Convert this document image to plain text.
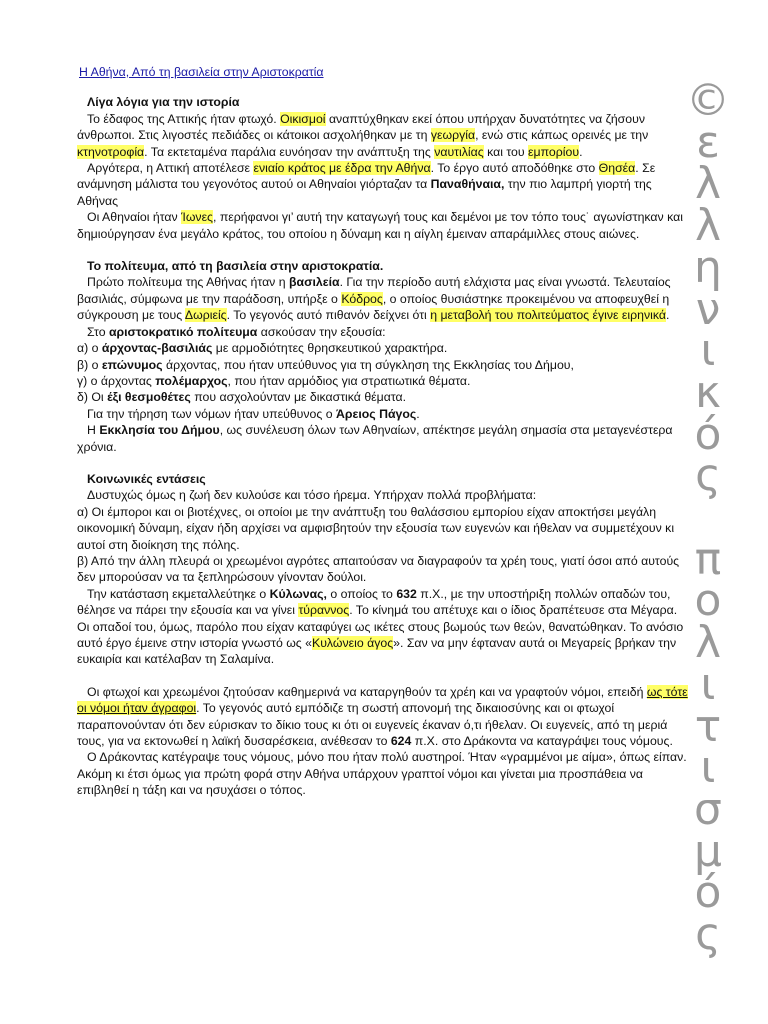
©
ε
λ
λ
η
ν
ι
κ
ό
ς

π
ο
λ
ι
τ
ι
σ
μ
ό
ς

Η Αθήνα, Από τη βασιλεία στην Αριστοκρατία

Λίγα λόγια για την ιστορία

Το έδαφος της Αττικής ήταν φτωχό. Οικισμοί αναπτύχθηκαν εκεί όπου υπήρχαν δυνατότητες να ζήσουν άνθρωποι. Στις λιγοστές πεδιάδες οι κάτοικοι ασχολήθηκαν με τη γεωργία, ενώ στις κάπως ορεινές με την κτηνοτροφία. Τα εκτεταμένα παράλια ευνόησαν την ανάπτυξη της ναυτιλίας και του εμπορίου.

Αργότερα, η Αττική αποτέλεσε ενιαίο κράτος με έδρα την Αθήνα. Το έργο αυτό αποδόθηκε στο Θησέα. Σε ανάμνηση μάλιστα του γεγονότος αυτού οι Αθηναίοι γιόρταζαν τα Παναθήναια, την πιο λαμπρή γιορτή της Αθήνας

Οι Αθηναίοι ήταν Ίωνες, περήφανοι γι’ αυτή την καταγωγή τους και δεμένοι με τον τόπο τους˙ αγωνίστηκαν και δημιούργησαν ένα μεγάλο κράτος, του οποίου η δύναμη και η αίγλη έμειναν απαράμιλλες στους αιώνες.

Το πολίτευμα, από τη βασιλεία στην αριστοκρατία.

Πρώτο πολίτευμα της Αθήνας ήταν η βασιλεία. Για την περίοδο αυτή ελάχιστα μας είναι γνωστά. Τελευταίος βασιλιάς, σύμφωνα με την παράδοση, υπήρξε ο Κόδρος, ο οποίος θυσιάστηκε προκειμένου να αποφευχθεί η σύγκρουση με τους Δωριείς. Το γεγονός αυτό πιθανόν δείχνει ότι η μεταβολή του πολιτεύματος έγινε ειρηνικά.

Στο αριστοκρατικό πολίτευμα ασκούσαν την εξουσία:

α) ο άρχοντας-βασιλιάς με αρμοδιότητες θρησκευτικού χαρακτήρα.

β) ο επώνυμος άρχοντας, που ήταν υπεύθυνος για τη σύγκληση της Εκκλησίας του Δήμου,

γ) ο άρχοντας πολέμαρχος, που ήταν αρμόδιος για στρατιωτικά θέματα.

δ) Οι έξι θεσμοθέτες που ασχολούνταν με δικαστικά θέματα.

Για την τήρηση των νόμων ήταν υπεύθυνος ο Άρειος Πάγος.

Η Εκκλησία του Δήμου, ως συνέλευση όλων των Αθηναίων, απέκτησε μεγάλη σημασία στα μεταγενέστερα χρόνια.

Κοινωνικές εντάσεις

Δυστυχώς όμως η ζωή δεν κυλούσε και τόσο ήρεμα. Υπήρχαν πολλά προβλήματα:

α) Οι έμποροι και οι βιοτέχνες, οι οποίοι με την ανάπτυξη του θαλάσσιου εμπορίου είχαν αποκτήσει μεγάλη οικονομική δύναμη, είχαν ήδη αρχίσει να αμφισβητούν την εξουσία των ευγενών και ήθελαν να συμμετέχουν κι αυτοί στη διοίκηση της πόλης.

β) Από την άλλη πλευρά οι χρεωμένοι αγρότες απαιτούσαν να διαγραφούν τα χρέη τους, γιατί όσοι από αυτούς δεν μπορούσαν να τα ξεπληρώσουν γίνονταν δούλοι.

Την κατάσταση εκμεταλλεύτηκε ο Κύλωνας, ο οποίος το 632 π.Χ., με την υποστήριξη πολλών οπαδών του, θέλησε να πάρει την εξουσία και να γίνει τύραννος. Το κίνημά του απέτυχε και ο ίδιος δραπέτευσε στα Μέγαρα. Οι οπαδοί του, όμως, παρόλο που είχαν καταφύγει ως ικέτες στους βωμούς των θεών, θανατώθηκαν. Το ανόσιο αυτό έργο έμεινε στην ιστορία γνωστό ως «Κυλώνειο άγος». Σαν να μην έφταναν αυτά οι Μεγαρείς βρήκαν την ευκαιρία και κατέλαβαν τη Σαλαμίνα.

Οι φτωχοί και χρεωμένοι ζητούσαν καθημερινά να καταργηθούν τα χρέη και να γραφτούν νόμοι, επειδή ως τότε οι νόμοι ήταν άγραφοι. Το γεγονός αυτό εμπόδιζε τη σωστή απονομή της δικαιοσύνης και οι φτωχοί παραπονούνταν ότι δεν εύρισκαν το δίκιο τους κι ότι οι ευγενείς έκαναν ό,τι ήθελαν. Οι ευγενείς, από τη μεριά τους, για να εκτονωθεί η λαϊκή δυσαρέσκεια, ανέθεσαν το 624 π.Χ. στο Δράκοντα να καταγράψει τους νόμους.

Ο Δράκοντας κατέγραψε τους νόμους, μόνο που ήταν πολύ αυστηροί. Ήταν «γραμμένοι με αίμα», όπως είπαν. Ακόμη κι έτσι όμως για πρώτη φορά στην Αθήνα υπάρχουν γραπτοί νόμοι και γίνεται μια προσπάθεια να επιβληθεί η τάξη και να ησυχάσει ο τόπος.
